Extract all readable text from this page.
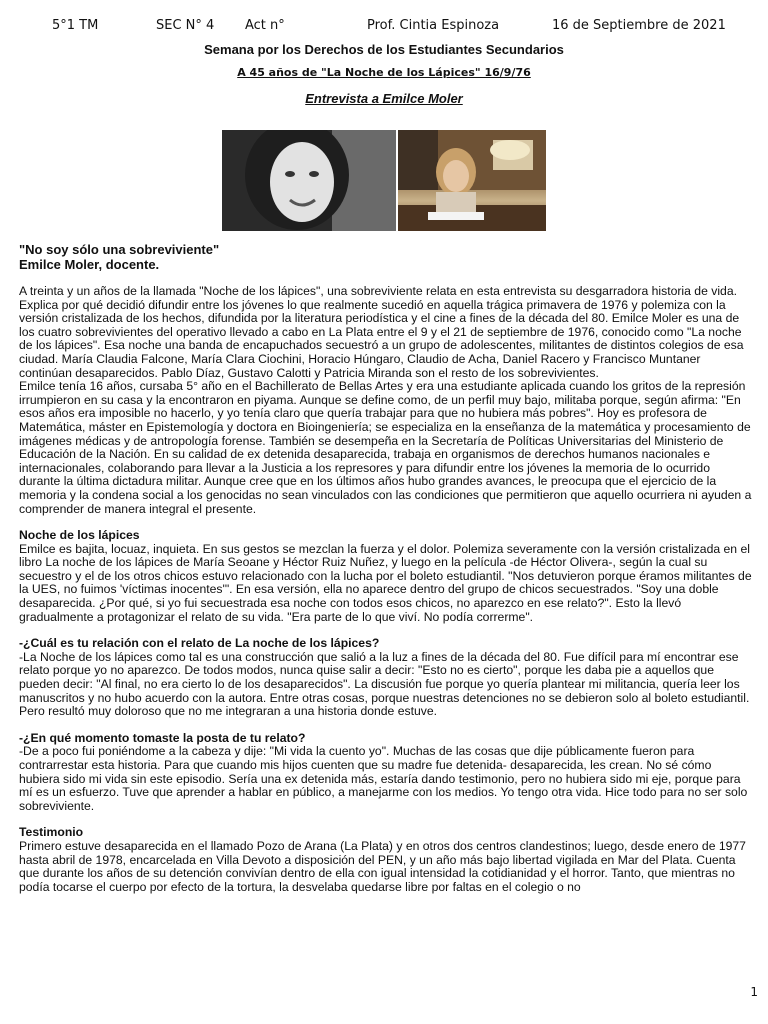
5°1 TM	SEC N° 4 Act n°	Prof. Cintia Espinoza	16 de Septiembre de 2021
Semana por los Derechos de los Estudiantes Secundarios
A 45 años de "La Noche de los Lápices" 16/9/76
Entrevista a Emilce Moler

"No soy sólo una sobreviviente"

Emilce Moler, docente.

A treinta y un años de la llamada "Noche de los lápices", una sobreviviente relata en esta entrevista su desgarradora historia de vida. Explica por qué decidió difundir entre los jóvenes lo que realmente sucedió en aquella trágica primavera de 1976 y polemiza con la versión cristalizada de los hechos, difundida por la literatura periodística y el cine a fines de la década del 80. Emilce Moler es una de los cuatro sobrevivientes del operativo llevado a cabo en La Plata entre el 9 y el 21 de septiembre de 1976, conocido como "La noche de los lápices". Esa noche una banda de encapuchados secuestró a un grupo de adolescentes, militantes de distintos colegios de esa ciudad. María Claudia Falcone, María Clara Ciochini, Horacio Húngaro, Claudio de Acha, Daniel Racero y Francisco Muntaner continúan desaparecidos. Pablo Díaz, Gustavo Calotti y Patricia Miranda son el resto de los sobrevivientes.

Emilce tenía 16 años, cursaba 5° año en el Bachillerato de Bellas Artes y era una estudiante aplicada cuando los gritos de la represión irrumpieron en su casa y la encontraron en piyama. Aunque se define como, de un perfil muy bajo, militaba porque, según afirma: "En esos años era imposible no hacerlo, y yo tenía claro que quería trabajar para que no hubiera más pobres". Hoy es profesora de Matemática, máster en Epistemología y doctora en Bioingeniería; se especializa en la enseñanza de la matemática y procesamiento de imágenes médicas y de antropología forense. También se desempeña en la Secretaría de Políticas Universitarias del Ministerio de Educación de la Nación. En su calidad de ex detenida desaparecida, trabaja en organismos de derechos humanos nacionales e internacionales, colaborando para llevar a la Justicia a los represores y para difundir entre los jóvenes la memoria de lo ocurrido durante la última dictadura militar. Aunque cree que en los últimos años hubo grandes avances, le preocupa que el ejercicio de la memoria y la condena social a los genocidas no sean vinculados con las condiciones que permitieron que aquello ocurriera ni ayuden a comprender de manera integral el presente.

Noche de los lápices

Emilce es bajita, locuaz, inquieta. En sus gestos se mezclan la fuerza y el dolor. Polemiza severamente con la versión cristalizada en el libro La noche de los lápices de María Seoane y Héctor Ruiz Nuñez, y luego en la película -de Héctor Olivera-, según la cual su secuestro y el de los otros chicos estuvo relacionado con la lucha por el boleto estudiantil. "Nos detuvieron porque éramos militantes de la UES, no fuimos 'víctimas inocentes'". En esa versión, ella no aparece dentro del grupo de chicos secuestrados. "Soy una doble desaparecida. ¿Por qué, si yo fui secuestrada esa noche con todos esos chicos, no aparezco en ese relato?". Esto la llevó gradualmente a protagonizar el relato de su vida. "Era parte de lo que viví. No podía correrme".

-¿Cuál es tu relación con el relato de La noche de los lápices?

-La Noche de los lápices como tal es una construcción que salió a la luz a fines de la década del 80. Fue difícil para mí encontrar ese relato porque yo no aparezco. De todos modos, nunca quise salir a decir: "Esto no es cierto", porque les daba pie a aquellos que pueden decir: "Al final, no era cierto lo de los desaparecidos". La discusión fue porque yo quería plantear mi militancia, quería leer los manuscritos y no hubo acuerdo con la autora. Entre otras cosas, porque nuestras detenciones no se debieron solo al boleto estudiantil. Pero resultó muy doloroso que no me integraran a una historia donde estuve.

-¿En qué momento tomaste la posta de tu relato?

-De a poco fui poniéndome a la cabeza y dije: "Mi vida la cuento yo". Muchas de las cosas que dije públicamente fueron para contrarrestar esta historia. Para que cuando mis hijos cuenten que su madre fue detenida- desaparecida, les crean. No sé cómo hubiera sido mi vida sin este episodio. Sería una ex detenida más, estaría dando testimonio, pero no hubiera sido mi eje, porque para mí es un esfuerzo. Tuve que aprender a hablar en público, a manejarme con los medios. Yo tengo otra vida. Hice todo para no ser solo sobreviviente.

Testimonio

Primero estuve desaparecida en el llamado Pozo de Arana (La Plata) y en otros dos centros clandestinos; luego, desde enero de 1977 hasta abril de 1978, encarcelada en Villa Devoto a disposición del PEN, y un año más bajo libertad vigilada en Mar del Plata. Cuenta que durante los años de su detención convivían dentro de ella con igual intensidad la cotidianidad y el horror. Tanto, que mientras no podía tocarse el cuerpo por efecto de la tortura, la desvelaba quedarse libre por faltas en el colegio o no

1
